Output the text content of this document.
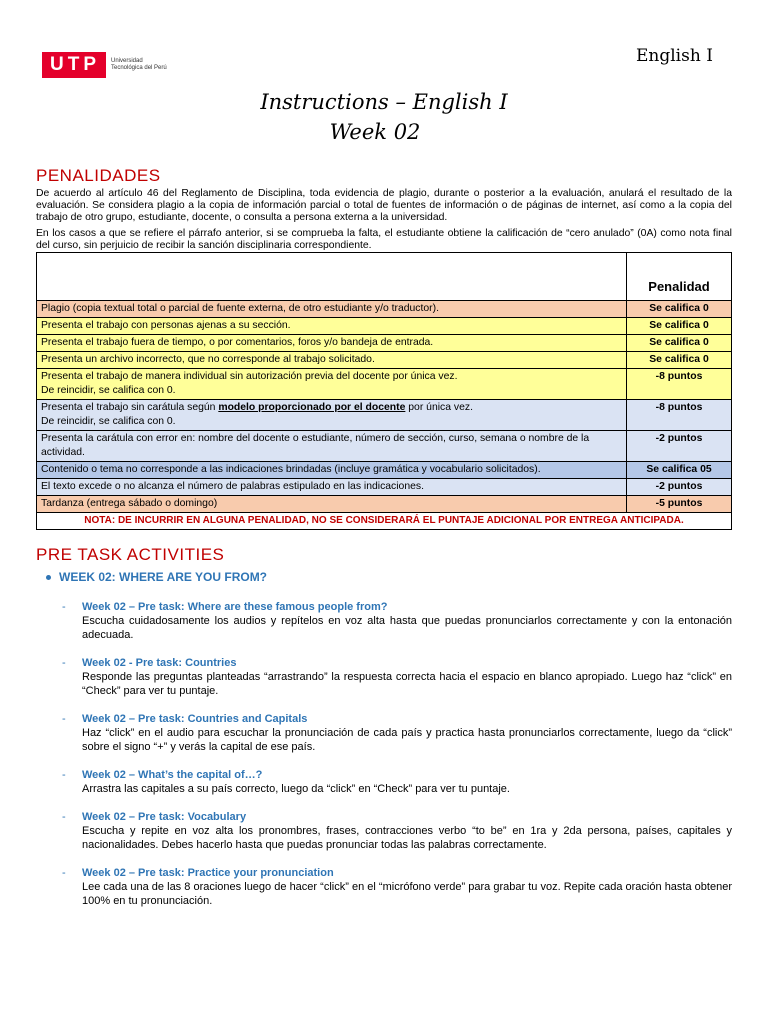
UTP	Universidad Tecnológica del Perú
English I
Instructions – English I
Week 02
PENALIDADES
De acuerdo al artículo 46 del Reglamento de Disciplina, toda evidencia de plagio, durante o posterior a la evaluación, anulará el resultado de la evaluación. Se considera plagio a la copia de información parcial o total de fuentes de información o de páginas de internet, así como a la copia del trabajo de otro grupo, estudiante, docente, o consulta a persona externa a la universidad.
En los casos a que se refiere el párrafo anterior, si se comprueba la falta, el estudiante obtiene la calificación de “cero anulado” (0A) como nota final del curso, sin perjuicio de recibir la sanción disciplinaria correspondiente.
	Penalidad
Plagio (copia textual total o parcial de fuente externa, de otro estudiante y/o traductor).	Se califica 0
Presenta el trabajo con personas ajenas a su sección.	Se califica 0
Presenta el trabajo fuera de tiempo, o por comentarios, foros y/o bandeja de entrada.	Se califica 0
Presenta un archivo incorrecto, que no corresponde al trabajo solicitado.	Se califica 0

Presenta el trabajo de manera individual sin autorización previa del docente por única vez.
De reincidir, se califica con 0.	-8 puntos

Presenta el trabajo sin carátula según modelo proporcionado por el docente por única vez.
De reincidir, se califica con 0.	-8 puntos
Presenta la carátula con error en: nombre del docente o estudiante, número de sección, curso, semana o nombre de la actividad.	-2 puntos
Contenido o tema no corresponde a las indicaciones brindadas (incluye gramática y vocabulario solicitados).	Se califica 05
El texto excede o no alcanza el número de palabras estipulado en las indicaciones.	-2 puntos
Tardanza (entrega sábado o domingo)	-5 puntos
NOTA: DE INCURRIR EN ALGUNA PENALIDAD, NO SE CONSIDERARÁ EL PUNTAJE ADICIONAL POR ENTREGA ANTICIPADA.	
PRE TASK ACTIVITIES
WEEK 02: WHERE ARE YOU FROM?
- Week 02 – Pre task: Where are these famous people from?
Escucha cuidadosamente los audios y repítelos en voz alta hasta que puedas pronunciarlos correctamente y con la entonación adecuada.
- Week 02 - Pre task: Countries
Responde las preguntas planteadas “arrastrando” la respuesta correcta hacia el espacio en blanco apropiado. Luego haz “click” en “Check” para ver tu puntaje.
- Week 02 – Pre task: Countries and Capitals
Haz “click” en el audio para escuchar la pronunciación de cada país y practica hasta pronunciarlos correctamente, luego da “click” sobre el signo “+” y verás la capital de ese país.
- Week 02 – What’s the capital of…?
Arrastra las capitales a su país correcto, luego da “click” en “Check” para ver tu puntaje.
- Week 02 – Pre task: Vocabulary
Escucha y repite en voz alta los pronombres, frases, contracciones verbo “to be” en 1ra y 2da persona, países, capitales y nacionalidades. Debes hacerlo hasta que puedas pronunciar todas las palabras correctamente.
- Week 02 – Pre task: Practice your pronunciation
Lee cada una de las 8 oraciones luego de hacer “click” en el “micrófono verde” para grabar tu voz. Repite cada oración hasta obtener 100% en tu pronunciación.
